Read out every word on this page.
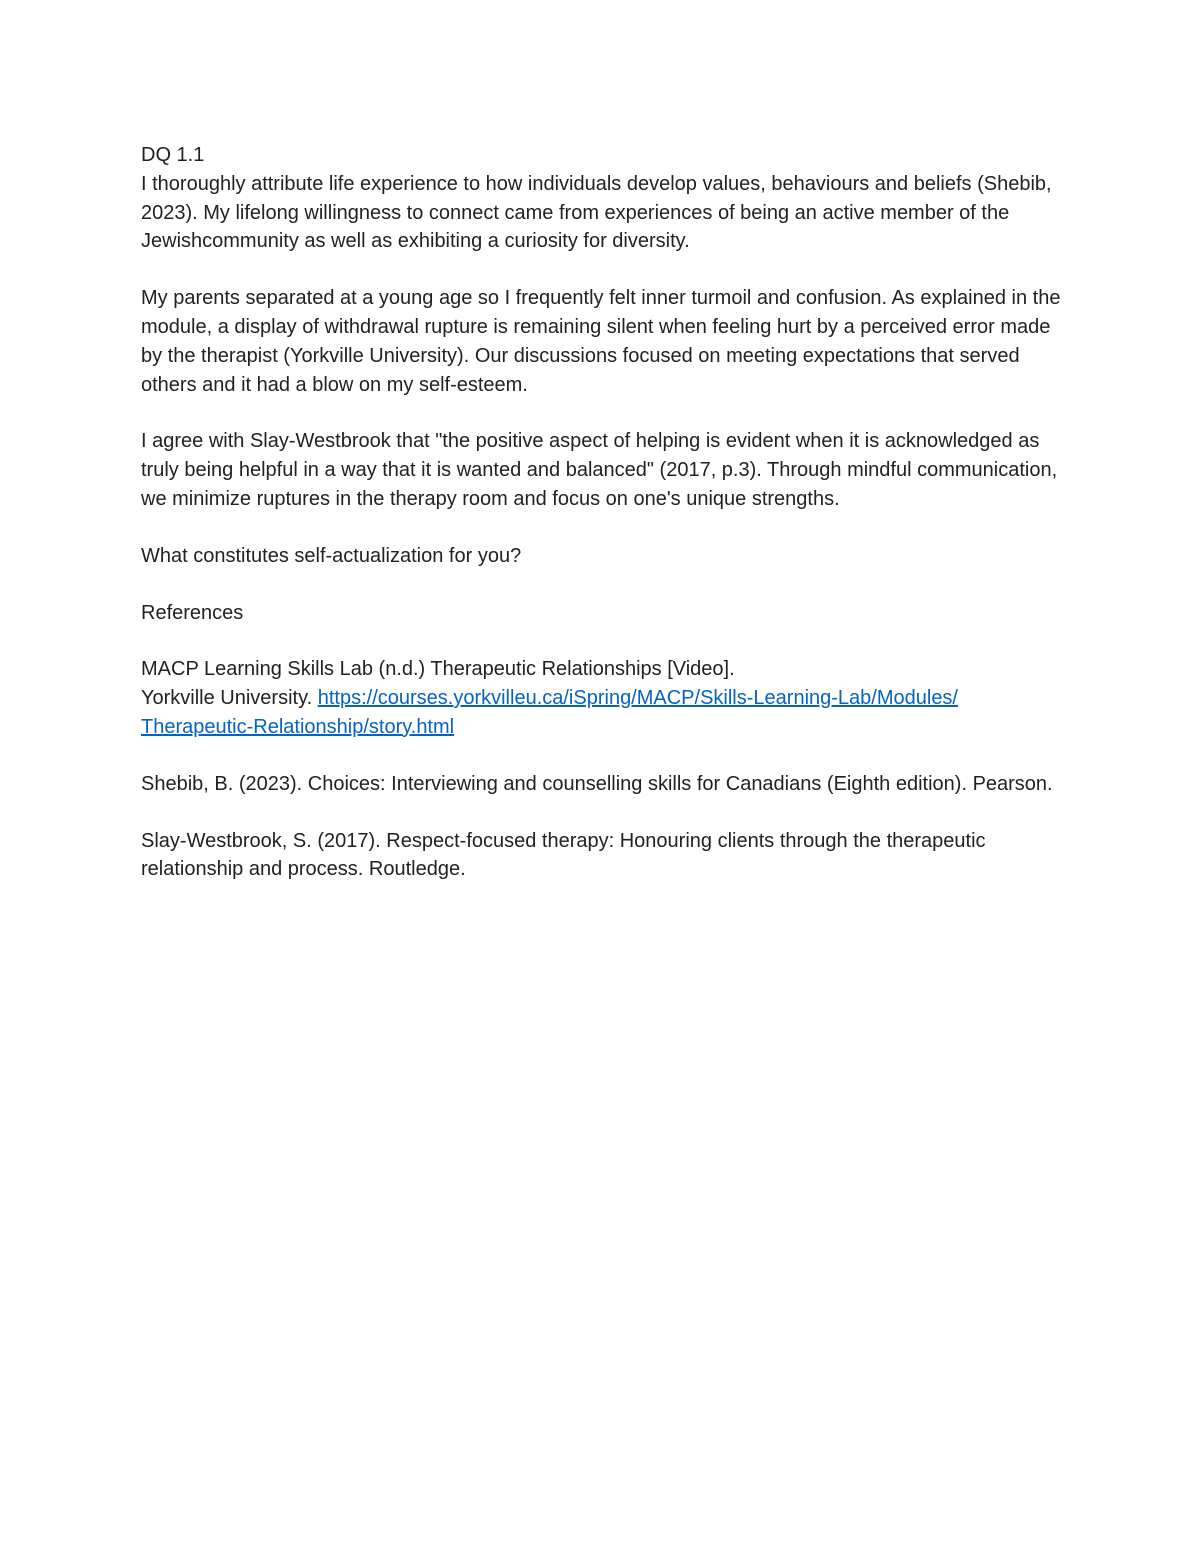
DQ 1.1

I thoroughly attribute life experience to how individuals develop values, behaviours and beliefs (Shebib, 2023). My lifelong willingness to connect came from experiences of being an active member of the Jewishcommunity as well as exhibiting a curiosity for diversity.

My parents separated at a young age so I frequently felt inner turmoil and confusion. As explained in the module, a display of withdrawal rupture is remaining silent when feeling hurt by a perceived error made by the therapist (Yorkville University). Our discussions focused on meeting expectations that served others and it had a blow on my self-esteem.

I agree with Slay-Westbrook that "the positive aspect of helping is evident when it is acknowledged as truly being helpful in a way that it is wanted and balanced" (2017, p.3). Through mindful communication, we minimize ruptures in the therapy room and focus on one's unique strengths.

What constitutes self-actualization for you?

References

MACP Learning Skills Lab (n.d.) Therapeutic Relationships [Video].

Yorkville University. https://courses.yorkvilleu.ca/iSpring/MACP/Skills-Learning-Lab/Modules/

Therapeutic-Relationship/story.html

Shebib, B. (2023). Choices: Interviewing and counselling skills for Canadians (Eighth edition). Pearson.

Slay-Westbrook, S. (2017). Respect-focused therapy: Honouring clients through the therapeutic relationship and process. Routledge.
